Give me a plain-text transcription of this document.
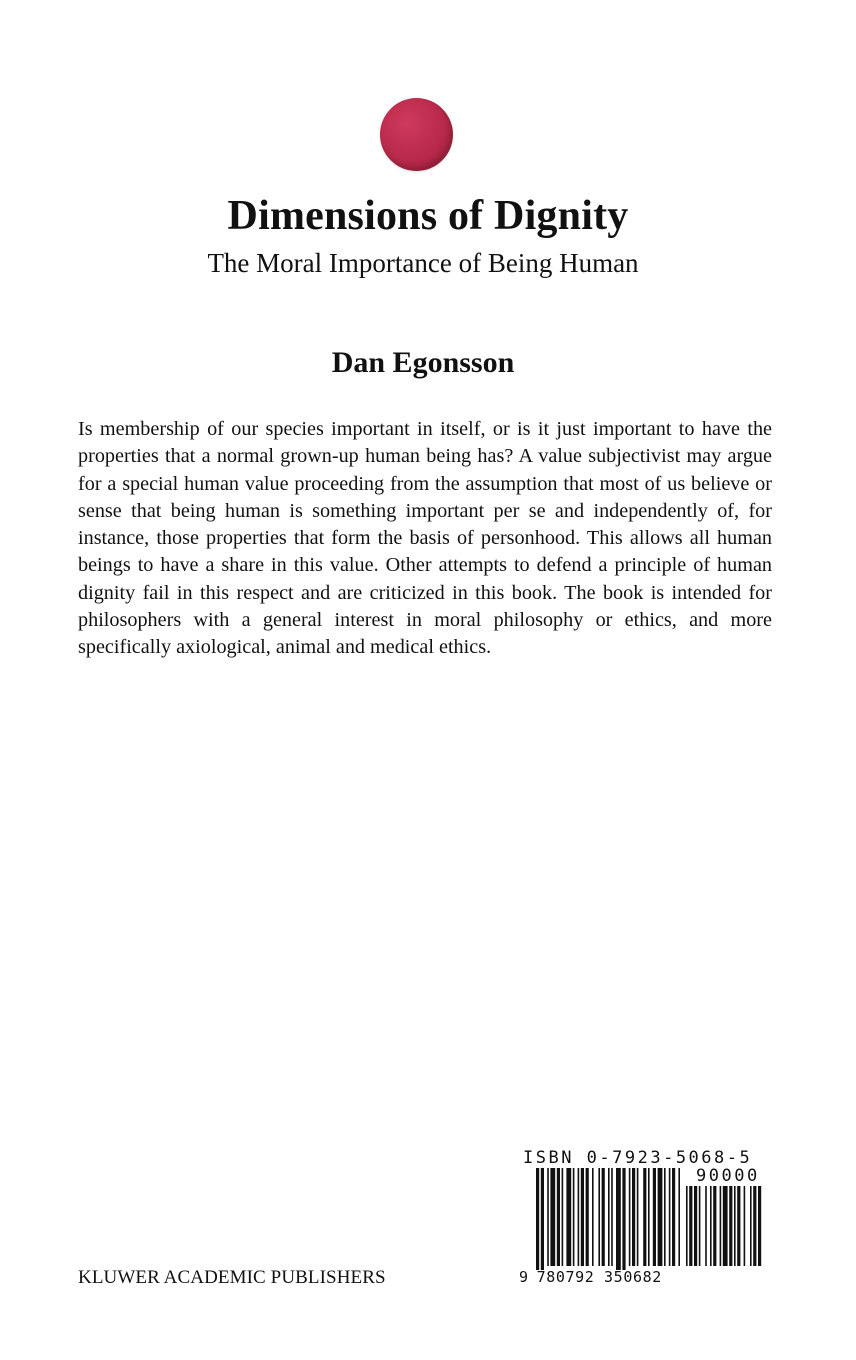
Dimensions of Dignity
The Moral Importance of Being Human
Dan Egonsson

Is membership of our species important in itself, or is it just important to have the properties that a normal grown-up human being has? A value subjectivist may argue for a special human value proceeding from the assumption that most of us believe or sense that being human is something important per se and independently of, for instance, those properties that form the basis of personhood. This allows all human beings to have a share in this value. Other attempts to defend a principle of human dignity fail in this respect and are criticized in this book. The book is intended for philosophers with a general interest in moral philosophy or ethics, and more specifically axiological, animal and medical ethics.

KLUWER ACADEMIC PUBLISHERS

ISBN 0-7923-5068-5
90000
9 780792 350682
